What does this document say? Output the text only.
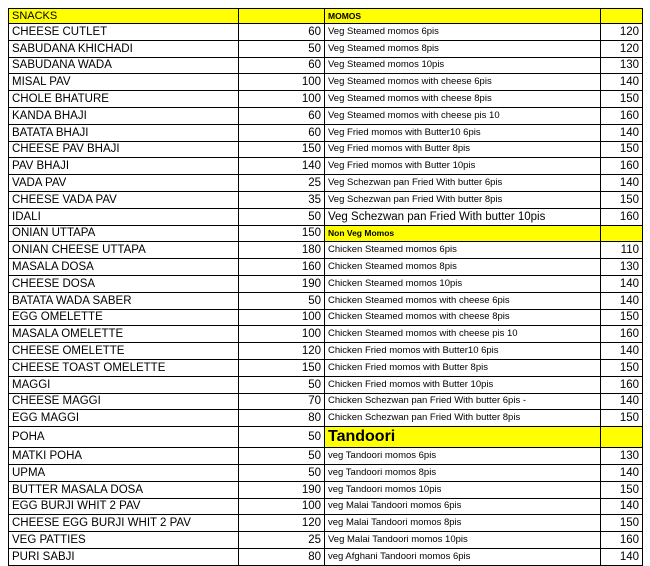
SNACKS		MOMOS	
CHEESE CUTLET	60	Veg Steamed momos 6pis	120
SABUDANA KHICHADI	50	Veg Steamed momos 8pis	120
SABUDANA WADA	60	Veg Steamed momos 10pis	130
MISAL PAV	100	Veg Steamed momos with cheese 6pis	140
CHOLE BHATURE	100	Veg Steamed momos with cheese 8pis	150
KANDA BHAJI	60	Veg Steamed momos with cheese pis 10	160
BATATA BHAJI	60	Veg Fried momos with Butter10 6pis	140
CHEESE PAV BHAJI	150	Veg Fried momos with Butter 8pis	150
PAV BHAJI	140	Veg Fried momos with Butter 10pis	160
VADA PAV	25	Veg Schezwan pan Fried With butter 6pis	140
CHEESE VADA PAV	35	Veg Schezwan pan Fried With butter 8pis	150
IDALI	50	Veg Schezwan pan Fried With butter 10pis	160
ONIAN UTTAPA	150	Non Veg Momos	
ONIAN CHEESE UTTAPA	180	Chicken Steamed momos 6pis	110
MASALA DOSA	160	Chicken Steamed momos 8pis	130
CHEESE DOSA	190	Chicken Steamed momos 10pis	140
BATATA WADA SABER	50	Chicken Steamed momos with cheese 6pis	140
EGG OMELETTE	100	Chicken Steamed momos with cheese 8pis	150
MASALA OMELETTE	100	Chicken Steamed momos with cheese pis 10	160
CHEESE OMELETTE	120	Chicken Fried momos with Butter10 6pis	140
CHEESE TOAST OMELETTE	150	Chicken Fried momos with Butter 8pis	150
MAGGI	50	Chicken Fried momos with Butter 10pis	160
CHEESE MAGGI	70	Chicken Schezwan pan Fried With butter 6pis -	140
EGG MAGGI	80	Chicken Schezwan pan Fried With butter 8pis	150
POHA	50	Tandoori	
MATKI POHA	50	veg Tandoori momos 6pis	130
UPMA	50	veg Tandoori momos 8pis	140
BUTTER MASALA DOSA	190	veg Tandoori momos 10pis	150
EGG BURJI WHIT 2 PAV	100	veg Malai Tandoori momos 6pis	140
CHEESE EGG BURJI WHIT 2 PAV	120	veg Malai Tandoori momos 8pis	150
VEG PATTIES	25	Veg Malai Tandoori momos 10pis	160
PURI SABJI	80	veg Afghani Tandoori momos 6pis	140
